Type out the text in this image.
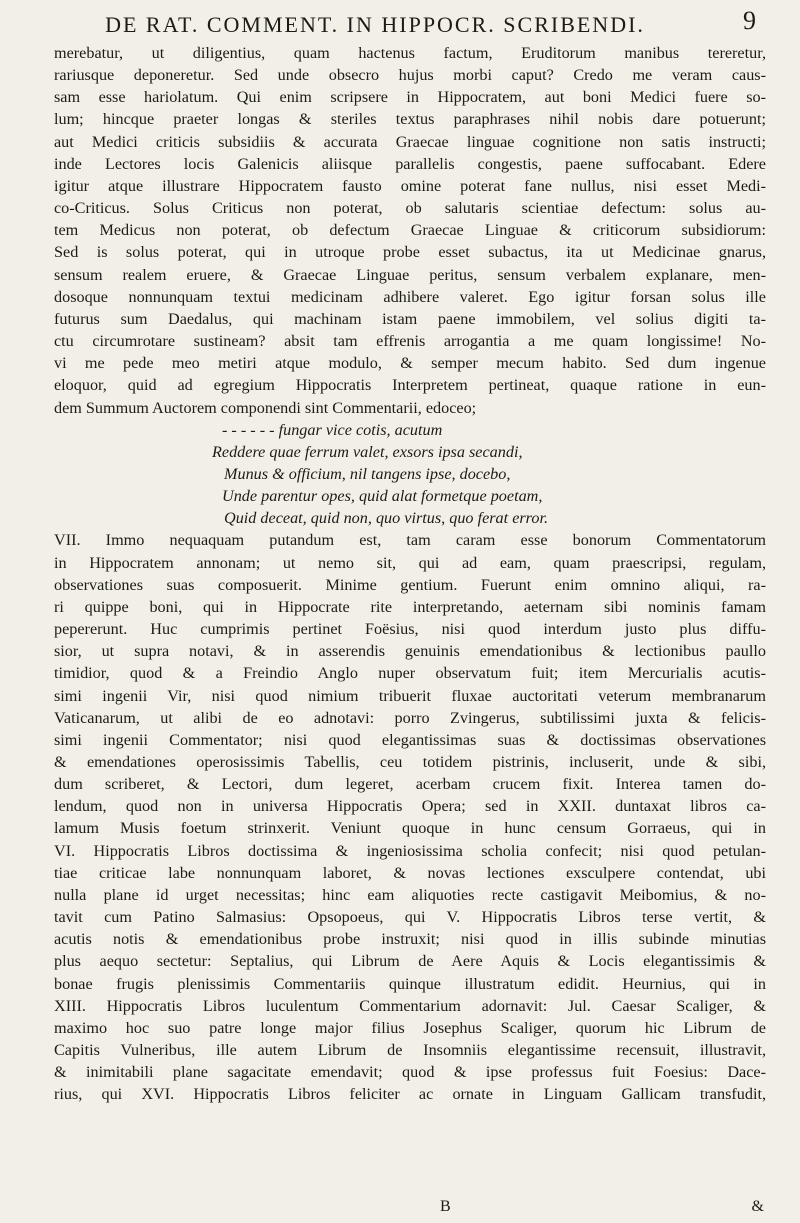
DE RAT. COMMENT. IN HIPPOCR. SCRIBENDI.	9
merebatur, ut diligentius, quam hactenus factum, Eruditorum manibus tereretur,
rariusque deponeretur. Sed unde obsecro hujus morbi caput? Credo me veram caus-
sam esse hariolatum. Qui enim scripsere in Hippocratem, aut boni Medici fuere so-
lum; hincque praeter longas & steriles textus paraphrases nihil nobis dare potuerunt;
aut Medici criticis subsidiis & accurata Graecae linguae cognitione non satis instructi;
inde Lectores locis Galenicis aliisque parallelis congestis, paene suffocabant. Edere
igitur atque illustrare Hippocratem fausto omine poterat fane nullus, nisi esset Medi-
co-Criticus. Solus Criticus non poterat, ob salutaris scientiae defectum: solus au-
tem Medicus non poterat, ob defectum Graecae Linguae & criticorum subsidiorum:
Sed is solus poterat, qui in utroque probe esset subactus, ita ut Medicinae gnarus,
sensum realem eruere, & Graecae Linguae peritus, sensum verbalem explanare, men-
dosoque nonnunquam textui medicinam adhibere valeret. Ego igitur forsan solus ille
futurus sum Daedalus, qui machinam istam paene immobilem, vel solius digiti ta-
ctu circumrotare sustineam? absit tam effrenis arrogantia a me quam longissime! No-
vi me pede meo metiri atque modulo, & semper mecum habito. Sed dum ingenue
eloquor, quid ad egregium Hippocratis Interpretem pertineat, quaque ratione in eun-
dem Summum Auctorem componendi sint Commentarii, edoceo;
- - - - - - fungar vice cotis, acutum
Reddere quae ferrum valet, exsors ipsa secandi,
Munus & officium, nil tangens ipse, docebo,
Unde parentur opes, quid alat formetque poetam,
Quid deceat, quid non, quo virtus, quo ferat error.
VII. Immo nequaquam putandum est, tam caram esse bonorum Commentatorum
in Hippocratem annonam; ut nemo sit, qui ad eam, quam praescripsi, regulam,
observationes suas composuerit. Minime gentium. Fuerunt enim omnino aliqui, ra-
ri quippe boni, qui in Hippocrate rite interpretando, aeternam sibi nominis famam
pepererunt. Huc cumprimis pertinet Foësius, nisi quod interdum justo plus diffu-
sior, ut supra notavi, & in asserendis genuinis emendationibus & lectionibus paullo
timidior, quod & a Freindio Anglo nuper observatum fuit; item Mercurialis acutis-
simi ingenii Vir, nisi quod nimium tribuerit fluxae auctoritati veterum membranarum
Vaticanarum, ut alibi de eo adnotavi: porro Zvingerus, subtilissimi juxta & felicis-
simi ingenii Commentator; nisi quod elegantissimas suas & doctissimas observationes
& emendationes operosissimis Tabellis, ceu totidem pistrinis, incluserit, unde & sibi,
dum scriberet, & Lectori, dum legeret, acerbam crucem fixit. Interea tamen do-
lendum, quod non in universa Hippocratis Opera; sed in XXII. duntaxat libros ca-
lamum Musis foetum strinxerit. Veniunt quoque in hunc censum Gorraeus, qui in
VI. Hippocratis Libros doctissima & ingeniosissima scholia confecit; nisi quod petulan-
tiae criticae labe nonnunquam laboret, & novas lectiones exsculpere contendat, ubi
nulla plane id urget necessitas; hinc eam aliquoties recte castigavit Meibomius, & no-
tavit cum Patino Salmasius: Opsopoeus, qui V. Hippocratis Libros terse vertit, &
acutis notis & emendationibus probe instruxit; nisi quod in illis subinde minutias
plus aequo sectetur: Septalius, qui Librum de Aere Aquis & Locis elegantissimis &
bonae frugis plenissimis Commentariis quinque illustratum edidit. Heurnius, qui in
XIII. Hippocratis Libros luculentum Commentarium adornavit: Jul. Caesar Scaliger, &
maximo hoc suo patre longe major filius Josephus Scaliger, quorum hic Librum de
Capitis Vulneribus, ille autem Librum de Insomniis elegantissime recensuit, illustravit,
& inimitabili plane sagacitate emendavit; quod & ipse professus fuit Foesius: Dace-
rius, qui XVI. Hippocratis Libros feliciter ac ornate in Linguam Gallicam transfudit,
B	&
